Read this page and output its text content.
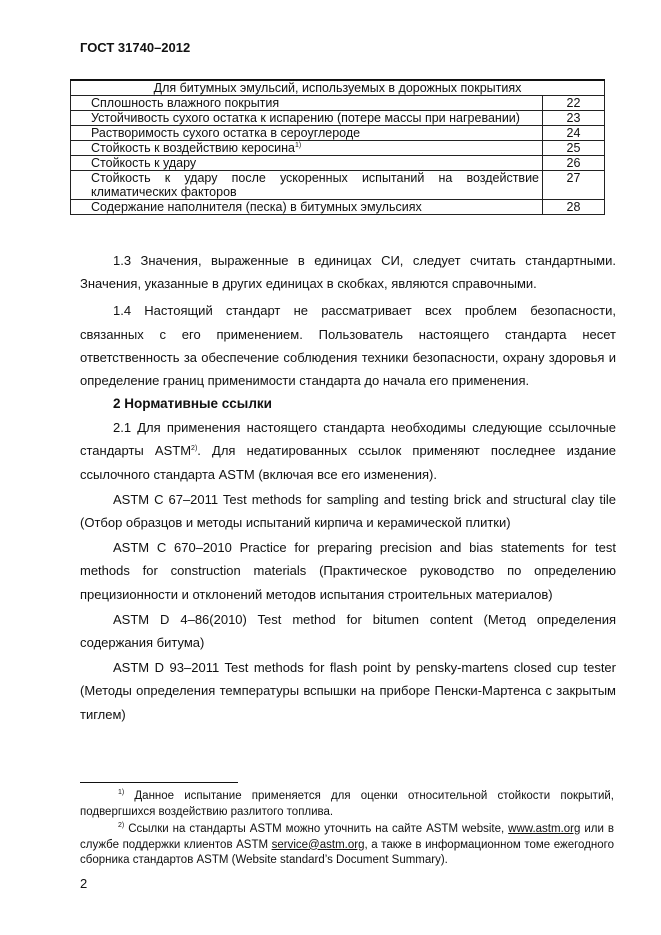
ГОСТ 31740–2012
Для битумных эмульсий, используемых в дорожных покрытиях	
Сплошность влажного покрытия	22
Устойчивость сухого остатка к испарению (потере массы при нагревании)	23
Растворимость сухого остатка в сероуглероде	24
Стойкость к воздействию керосина$^{1)}$	25
Стойкость к удару	26
Стойкость к удару после ускоренных испытаний на воздействие климатических факторов	27
Содержание наполнителя (песка) в битумных эмульсиях	28

1.3 Значения, выраженные в единицах СИ, следует считать стандартными. Значения, указанные в других единицах в скобках, являются справочными.

1.4 Настоящий стандарт не рассматривает всех проблем безопасности, связанных с его применением. Пользователь настоящего стандарта несет ответственность за обеспечение соблюдения техники безопасности, охрану здоровья и определение границ применимости стандарта до начала его применения.

2 Нормативные ссылки

2.1 Для применения настоящего стандарта необходимы следующие ссылочные стандарты ASTM$^{2)}$. Для недатированных ссылок применяют последнее издание ссылочного стандарта ASTM (включая все его изменения).

ASTM C 67–2011 Test methods for sampling and testing brick and structural clay tile (Отбор образцов и методы испытаний кирпича и керамической плитки)

ASTM C 670–2010 Practice for preparing precision and bias statements for test methods for construction materials (Практическое руководство по определению прецизионности и отклонений методов испытания строительных материалов)

ASTM D 4–86(2010) Test method for bitumen content (Метод определения содержания битума)

ASTM D 93–2011 Test methods for flash point by pensky-martens closed cup tester (Методы определения температуры вспышки на приборе Пенски-Мартенса с закрытым тиглем)

$^{1)}$ Данное испытание применяется для оценки относительной стойкости покрытий, подвергшихся воздействию разлитого топлива.

$^{2)}$ Ссылки на стандарты ASTM можно уточнить на сайте ASTM website, www.astm.org или в службе поддержки клиентов ASTM service@astm.org, а также в информационном томе ежегодного сборника стандартов ASTM (Website standard’s Document Summary).

2
